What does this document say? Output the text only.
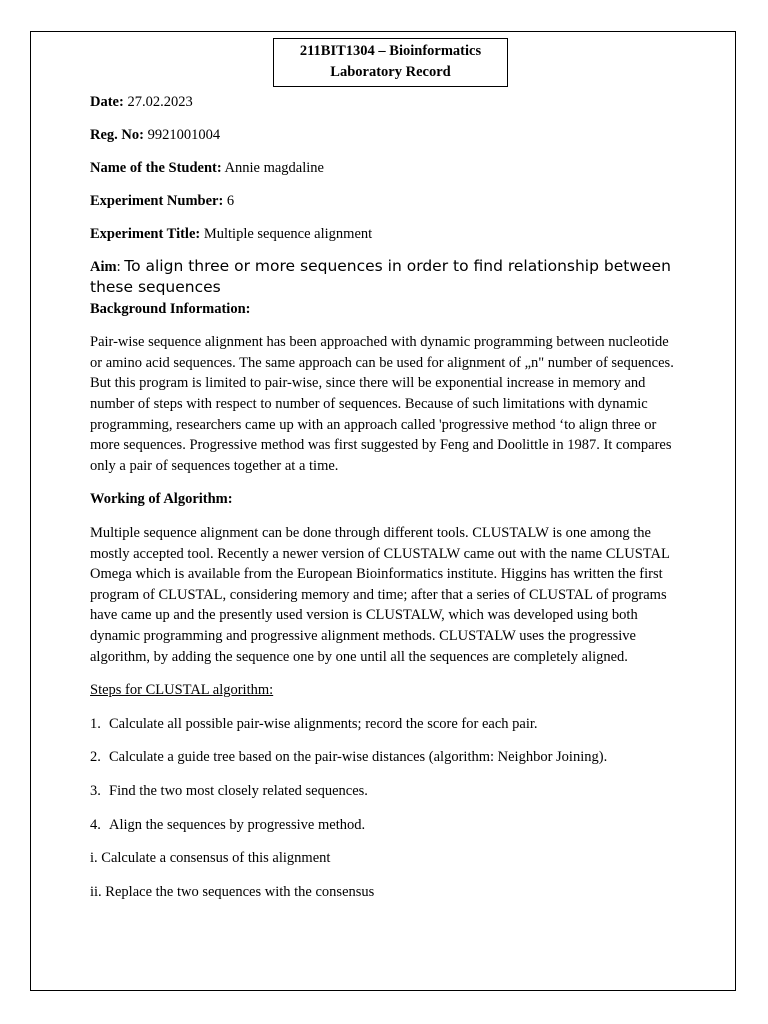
211BIT1304 – Bioinformatics
Laboratory Record

Date: 27.02.2023

Reg. No: 9921001004

Name of the Student: Annie magdaline

Experiment Number: 6

Experiment Title: Multiple sequence alignment

Aim: To align three or more sequences in order to find relationship between these sequences

Background Information:

Pair-wise sequence alignment has been approached with dynamic programming between nucleotide or amino acid sequences. The same approach can be used for alignment of „n" number of sequences. But this program is limited to pair-wise, since there will be exponential increase in memory and number of steps with respect to number of sequences. Because of such limitations with dynamic programming, researchers came up with an approach called 'progressive method ‘to align three or more sequences. Progressive method was first suggested by Feng and Doolittle in 1987. It compares only a pair of sequences together at a time.

Working of Algorithm:

Multiple sequence alignment can be done through different tools. CLUSTALW is one among the mostly accepted tool. Recently a newer version of CLUSTALW came out with the name CLUSTAL Omega which is available from the European Bioinformatics institute. Higgins has written the first program of CLUSTAL, considering memory and time; after that a series of CLUSTAL of programs have came up and the presently used version is CLUSTALW, which was developed using both dynamic programming and progressive alignment methods. CLUSTALW uses the progressive algorithm, by adding the sequence one by one until all the sequences are completely aligned.

Steps for CLUSTAL algorithm:

1. Calculate all possible pair-wise alignments; record the score for each pair.

2. Calculate a guide tree based on the pair-wise distances (algorithm: Neighbor Joining).

3. Find the two most closely related sequences.

4. Align the sequences by progressive method.

i. Calculate a consensus of this alignment

ii. Replace the two sequences with the consensus
